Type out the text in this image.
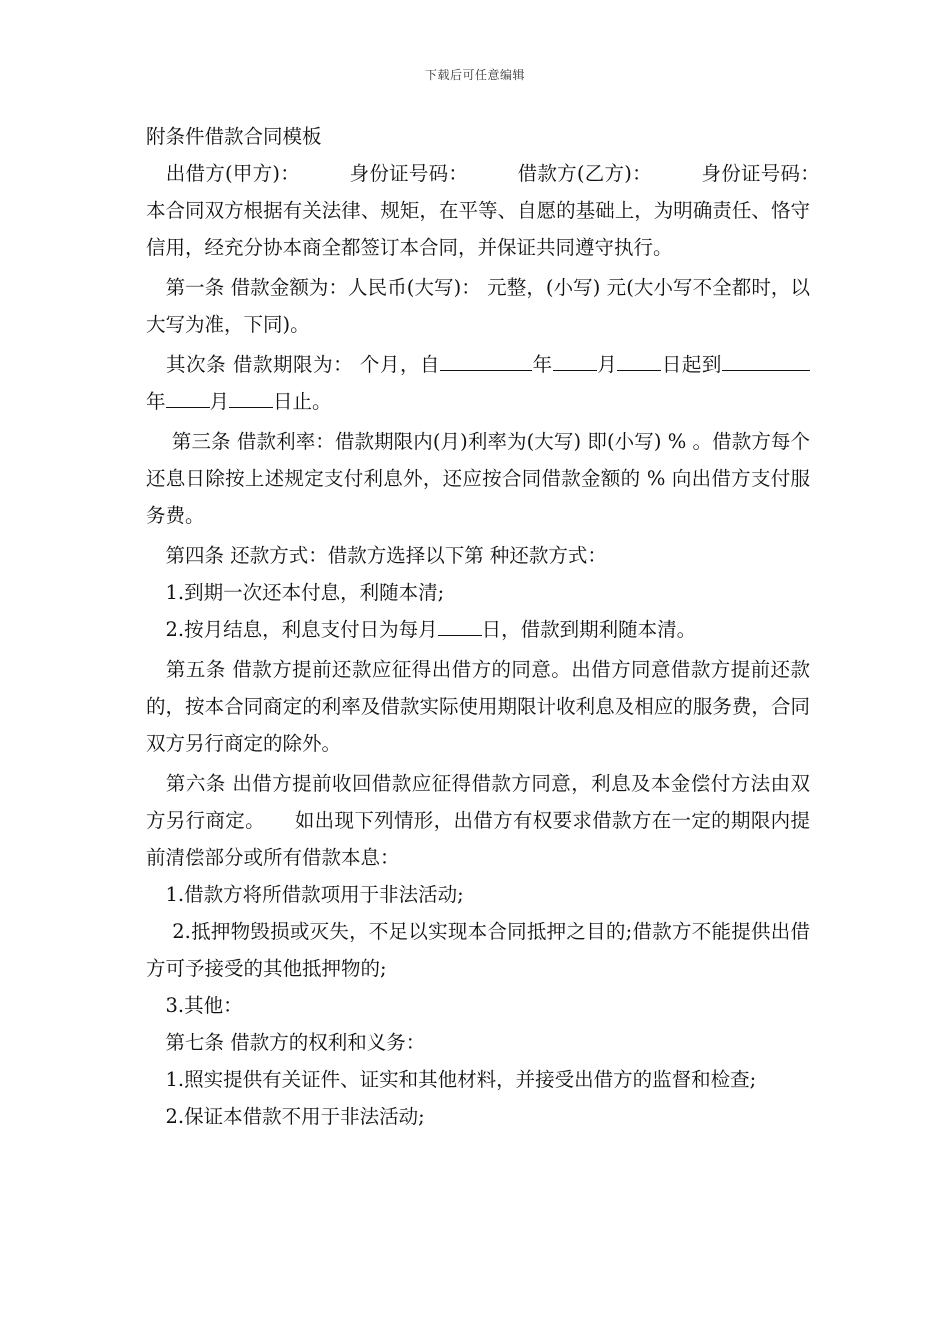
下载后可任意编辑

附条件借款合同模板

　出借方(甲方)：　　　身份证号码：　　　借款方(乙方)：　　　身份证号码：　　　本合同双方根据有关法律、规矩，在平等、自愿的基础上，为明确责任、恪守信用，经充分协本商全都签订本合同，并保证共同遵守执行。

　第一条 借款金额为：人民币(大写)： 元整，(小写) 元(大小写不全都时，以大写为准，下同)。

　其次条 借款期限为： 个月，自	年 月 日起到年 月 日止。

　 第三条 借款利率：借款期限内(月)利率为(大写) 即(小写) % 。借款方每个还息日除按上述规定支付利息外，还应按合同借款金额的 % 向出借方支付服务费。

　第四条 还款方式：借款方选择以下第 种还款方式：

　1.到期一次还本付息，利随本清;

　2.按月结息，利息支付日为每月 日，借款到期利随本清。

　第五条 借款方提前还款应征得出借方的同意。出借方同意借款方提前还款的，按本合同商定的利率及借款实际使用期限计收利息及相应的服务费，合同双方另行商定的除外。

　第六条 出借方提前收回借款应征得借款方同意，利息及本金偿付方法由双方另行商定。　　如出现下列情形，出借方有权要求借款方在一定的期限内提前清偿部分或所有借款本息：

　1.借款方将所借款项用于非法活动;

　 2.抵押物毁损或灭失，不足以实现本合同抵押之目的;借款方不能提供出借方可予接受的其他抵押物的;

　3.其他：

　第七条 借款方的权利和义务：

　1.照实提供有关证件、证实和其他材料，并接受出借方的监督和检查;

　2.保证本借款不用于非法活动;
